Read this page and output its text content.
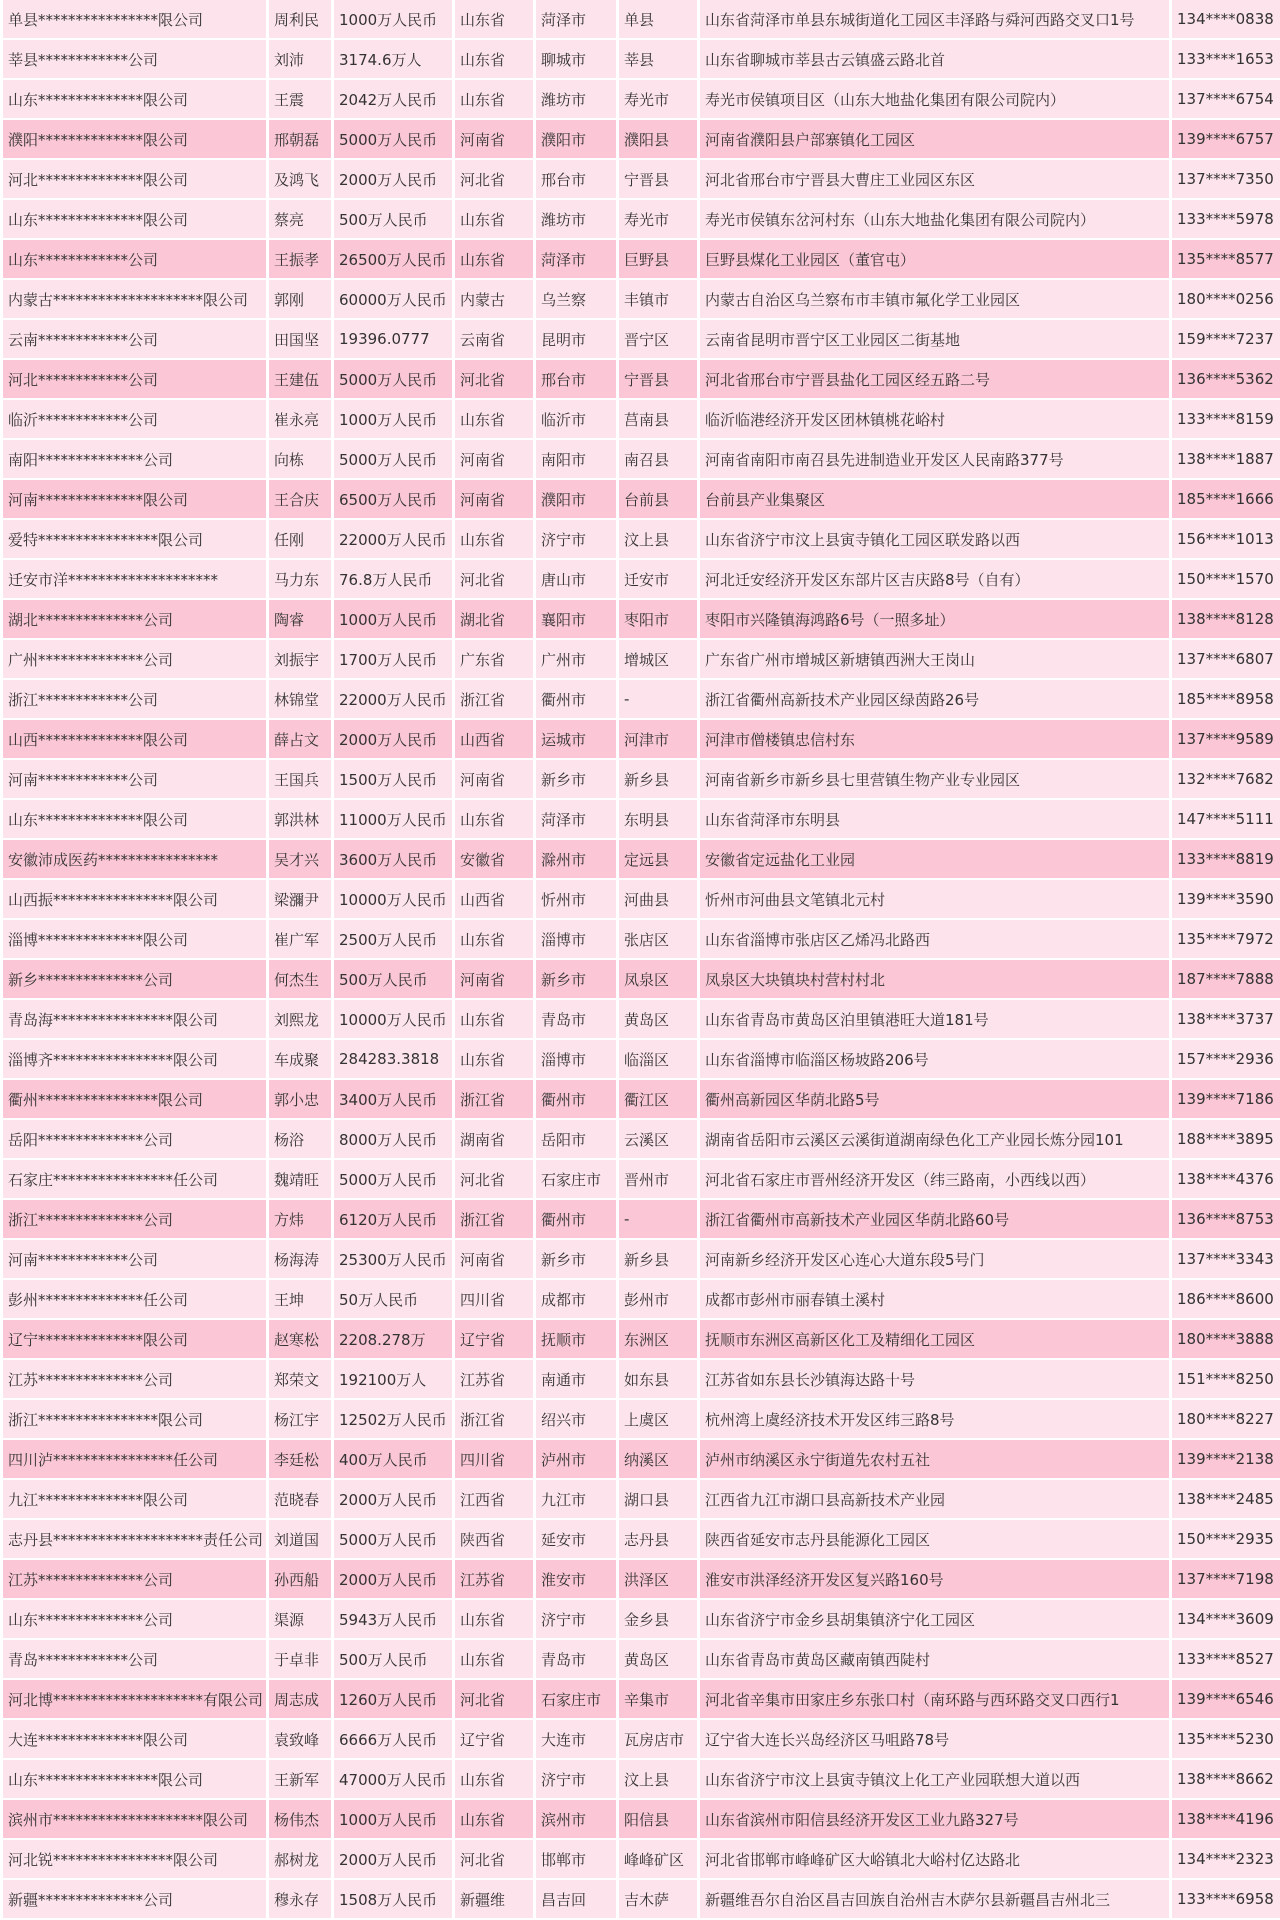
单县****************限公司	周利民	1000万人民币	山东省	菏泽市	单县	山东省菏泽市单县东城街道化工园区丰泽路与舜河西路交叉口1号	134****0838
莘县************公司	刘沛	3174.6万人	山东省	聊城市	莘县	山东省聊城市莘县古云镇盛云路北首	133****1653
山东**************限公司	王震	2042万人民币	山东省	潍坊市	寿光市	寿光市侯镇项目区（山东大地盐化集团有限公司院内）	137****6754
濮阳**************限公司	邢朝磊	5000万人民币	河南省	濮阳市	濮阳县	河南省濮阳县户部寨镇化工园区	139****6757
河北**************限公司	及鸿飞	2000万人民币	河北省	邢台市	宁晋县	河北省邢台市宁晋县大曹庄工业园区东区	137****7350
山东**************限公司	蔡亮	500万人民币	山东省	潍坊市	寿光市	寿光市侯镇东岔河村东（山东大地盐化集团有限公司院内）	133****5978
山东************公司	王振孝	26500万人民币	山东省	菏泽市	巨野县	巨野县煤化工业园区（董官屯）	135****8577
内蒙古********************限公司	郭刚	60000万人民币	内蒙古	乌兰察	丰镇市	内蒙古自治区乌兰察布市丰镇市氟化学工业园区	180****0256
云南************公司	田国坚	19396.0777	云南省	昆明市	晋宁区	云南省昆明市晋宁区工业园区二街基地	159****7237
河北************公司	王建伍	5000万人民币	河北省	邢台市	宁晋县	河北省邢台市宁晋县盐化工园区经五路二号	136****5362
临沂************公司	崔永亮	1000万人民币	山东省	临沂市	莒南县	临沂临港经济开发区团林镇桃花峪村	133****8159
南阳**************公司	向栋	5000万人民币	河南省	南阳市	南召县	河南省南阳市南召县先进制造业开发区人民南路377号	138****1887
河南**************限公司	王合庆	6500万人民币	河南省	濮阳市	台前县	台前县产业集聚区	185****1666
爱特****************限公司	任刚	22000万人民币	山东省	济宁市	汶上县	山东省济宁市汶上县寅寺镇化工园区联发路以西	156****1013
迁安市洋********************	马力东	76.8万人民币	河北省	唐山市	迁安市	河北迁安经济开发区东部片区吉庆路8号（自有）	150****1570
湖北**************公司	陶睿	1000万人民币	湖北省	襄阳市	枣阳市	枣阳市兴隆镇海鸿路6号（一照多址）	138****8128
广州**************公司	刘振宇	1700万人民币	广东省	广州市	增城区	广东省广州市增城区新塘镇西洲大王岗山	137****6807
浙江************公司	林锦堂	22000万人民币	浙江省	衢州市	-	浙江省衢州高新技术产业园区绿茵路26号	185****8958
山西**************限公司	薛占文	2000万人民币	山西省	运城市	河津市	河津市僧楼镇忠信村东	137****9589
河南************公司	王国兵	1500万人民币	河南省	新乡市	新乡县	河南省新乡市新乡县七里营镇生物产业专业园区	132****7682
山东**************限公司	郭洪林	11000万人民币	山东省	菏泽市	东明县	山东省菏泽市东明县	147****5111
安徽沛成医药****************	吴才兴	3600万人民币	安徽省	滁州市	定远县	安徽省定远盐化工业园	133****8819
山西振****************限公司	梁瀰尹	10000万人民币	山西省	忻州市	河曲县	忻州市河曲县文笔镇北元村	139****3590
淄博**************限公司	崔广军	2500万人民币	山东省	淄博市	张店区	山东省淄博市张店区乙烯冯北路西	135****7972
新乡**************公司	何杰生	500万人民币	河南省	新乡市	凤泉区	凤泉区大块镇块村营村村北	187****7888
青岛海****************限公司	刘熙龙	10000万人民币	山东省	青岛市	黄岛区	山东省青岛市黄岛区泊里镇港旺大道181号	138****3737
淄博齐****************限公司	车成聚	284283.3818	山东省	淄博市	临淄区	山东省淄博市临淄区杨坡路206号	157****2936
衢州****************限公司	郭小忠	3400万人民币	浙江省	衢州市	衢江区	衢州高新园区华荫北路5号	139****7186
岳阳**************公司	杨浴	8000万人民币	湖南省	岳阳市	云溪区	湖南省岳阳市云溪区云溪街道湖南绿色化工产业园长炼分园101	188****3895
石家庄****************任公司	魏靖旺	5000万人民币	河北省	石家庄市	晋州市	河北省石家庄市晋州经济开发区（纬三路南，小西线以西）	138****4376
浙江**************公司	方炜	6120万人民币	浙江省	衢州市	-	浙江省衢州市高新技术产业园区华荫北路60号	136****8753
河南************公司	杨海涛	25300万人民币	河南省	新乡市	新乡县	河南新乡经济开发区心连心大道东段5号门	137****3343
彭州**************任公司	王坤	50万人民币	四川省	成都市	彭州市	成都市彭州市丽春镇土溪村	186****8600
辽宁**************限公司	赵寒松	2208.278万	辽宁省	抚顺市	东洲区	抚顺市东洲区高新区化工及精细化工园区	180****3888
江苏**************公司	郑荣文	192100万人	江苏省	南通市	如东县	江苏省如东县长沙镇海达路十号	151****8250
浙江****************限公司	杨江宇	12502万人民币	浙江省	绍兴市	上虞区	杭州湾上虞经济技术开发区纬三路8号	180****8227
四川泸****************任公司	李廷松	400万人民币	四川省	泸州市	纳溪区	泸州市纳溪区永宁街道先农村五社	139****2138
九江**************限公司	范晓春	2000万人民币	江西省	九江市	湖口县	江西省九江市湖口县高新技术产业园	138****2485
志丹县********************责任公司	刘道国	5000万人民币	陕西省	延安市	志丹县	陕西省延安市志丹县能源化工园区	150****2935
江苏**************公司	孙西船	2000万人民币	江苏省	淮安市	洪泽区	淮安市洪泽经济开发区复兴路160号	137****7198
山东**************公司	渠源	5943万人民币	山东省	济宁市	金乡县	山东省济宁市金乡县胡集镇济宁化工园区	134****3609
青岛************公司	于卓非	500万人民币	山东省	青岛市	黄岛区	山东省青岛市黄岛区藏南镇西陡村	133****8527
河北博********************有限公司	周志成	1260万人民币	河北省	石家庄市	辛集市	河北省辛集市田家庄乡东张口村（南环路与西环路交叉口西行1	139****6546
大连**************限公司	袁致峰	6666万人民币	辽宁省	大连市	瓦房店市	辽宁省大连长兴岛经济区马咀路78号	135****5230
山东****************限公司	王新军	47000万人民币	山东省	济宁市	汶上县	山东省济宁市汶上县寅寺镇汶上化工产业园联想大道以西	138****8662
滨州市********************限公司	杨伟杰	1000万人民币	山东省	滨州市	阳信县	山东省滨州市阳信县经济开发区工业九路327号	138****4196
河北锐****************限公司	郝树龙	2000万人民币	河北省	邯郸市	峰峰矿区	河北省邯郸市峰峰矿区大峪镇北大峪村亿达路北	134****2323
新疆**************公司	穆永存	1508万人民币	新疆维	昌吉回	吉木萨	新疆维吾尔自治区昌吉回族自治州吉木萨尔县新疆昌吉州北三	133****6958
